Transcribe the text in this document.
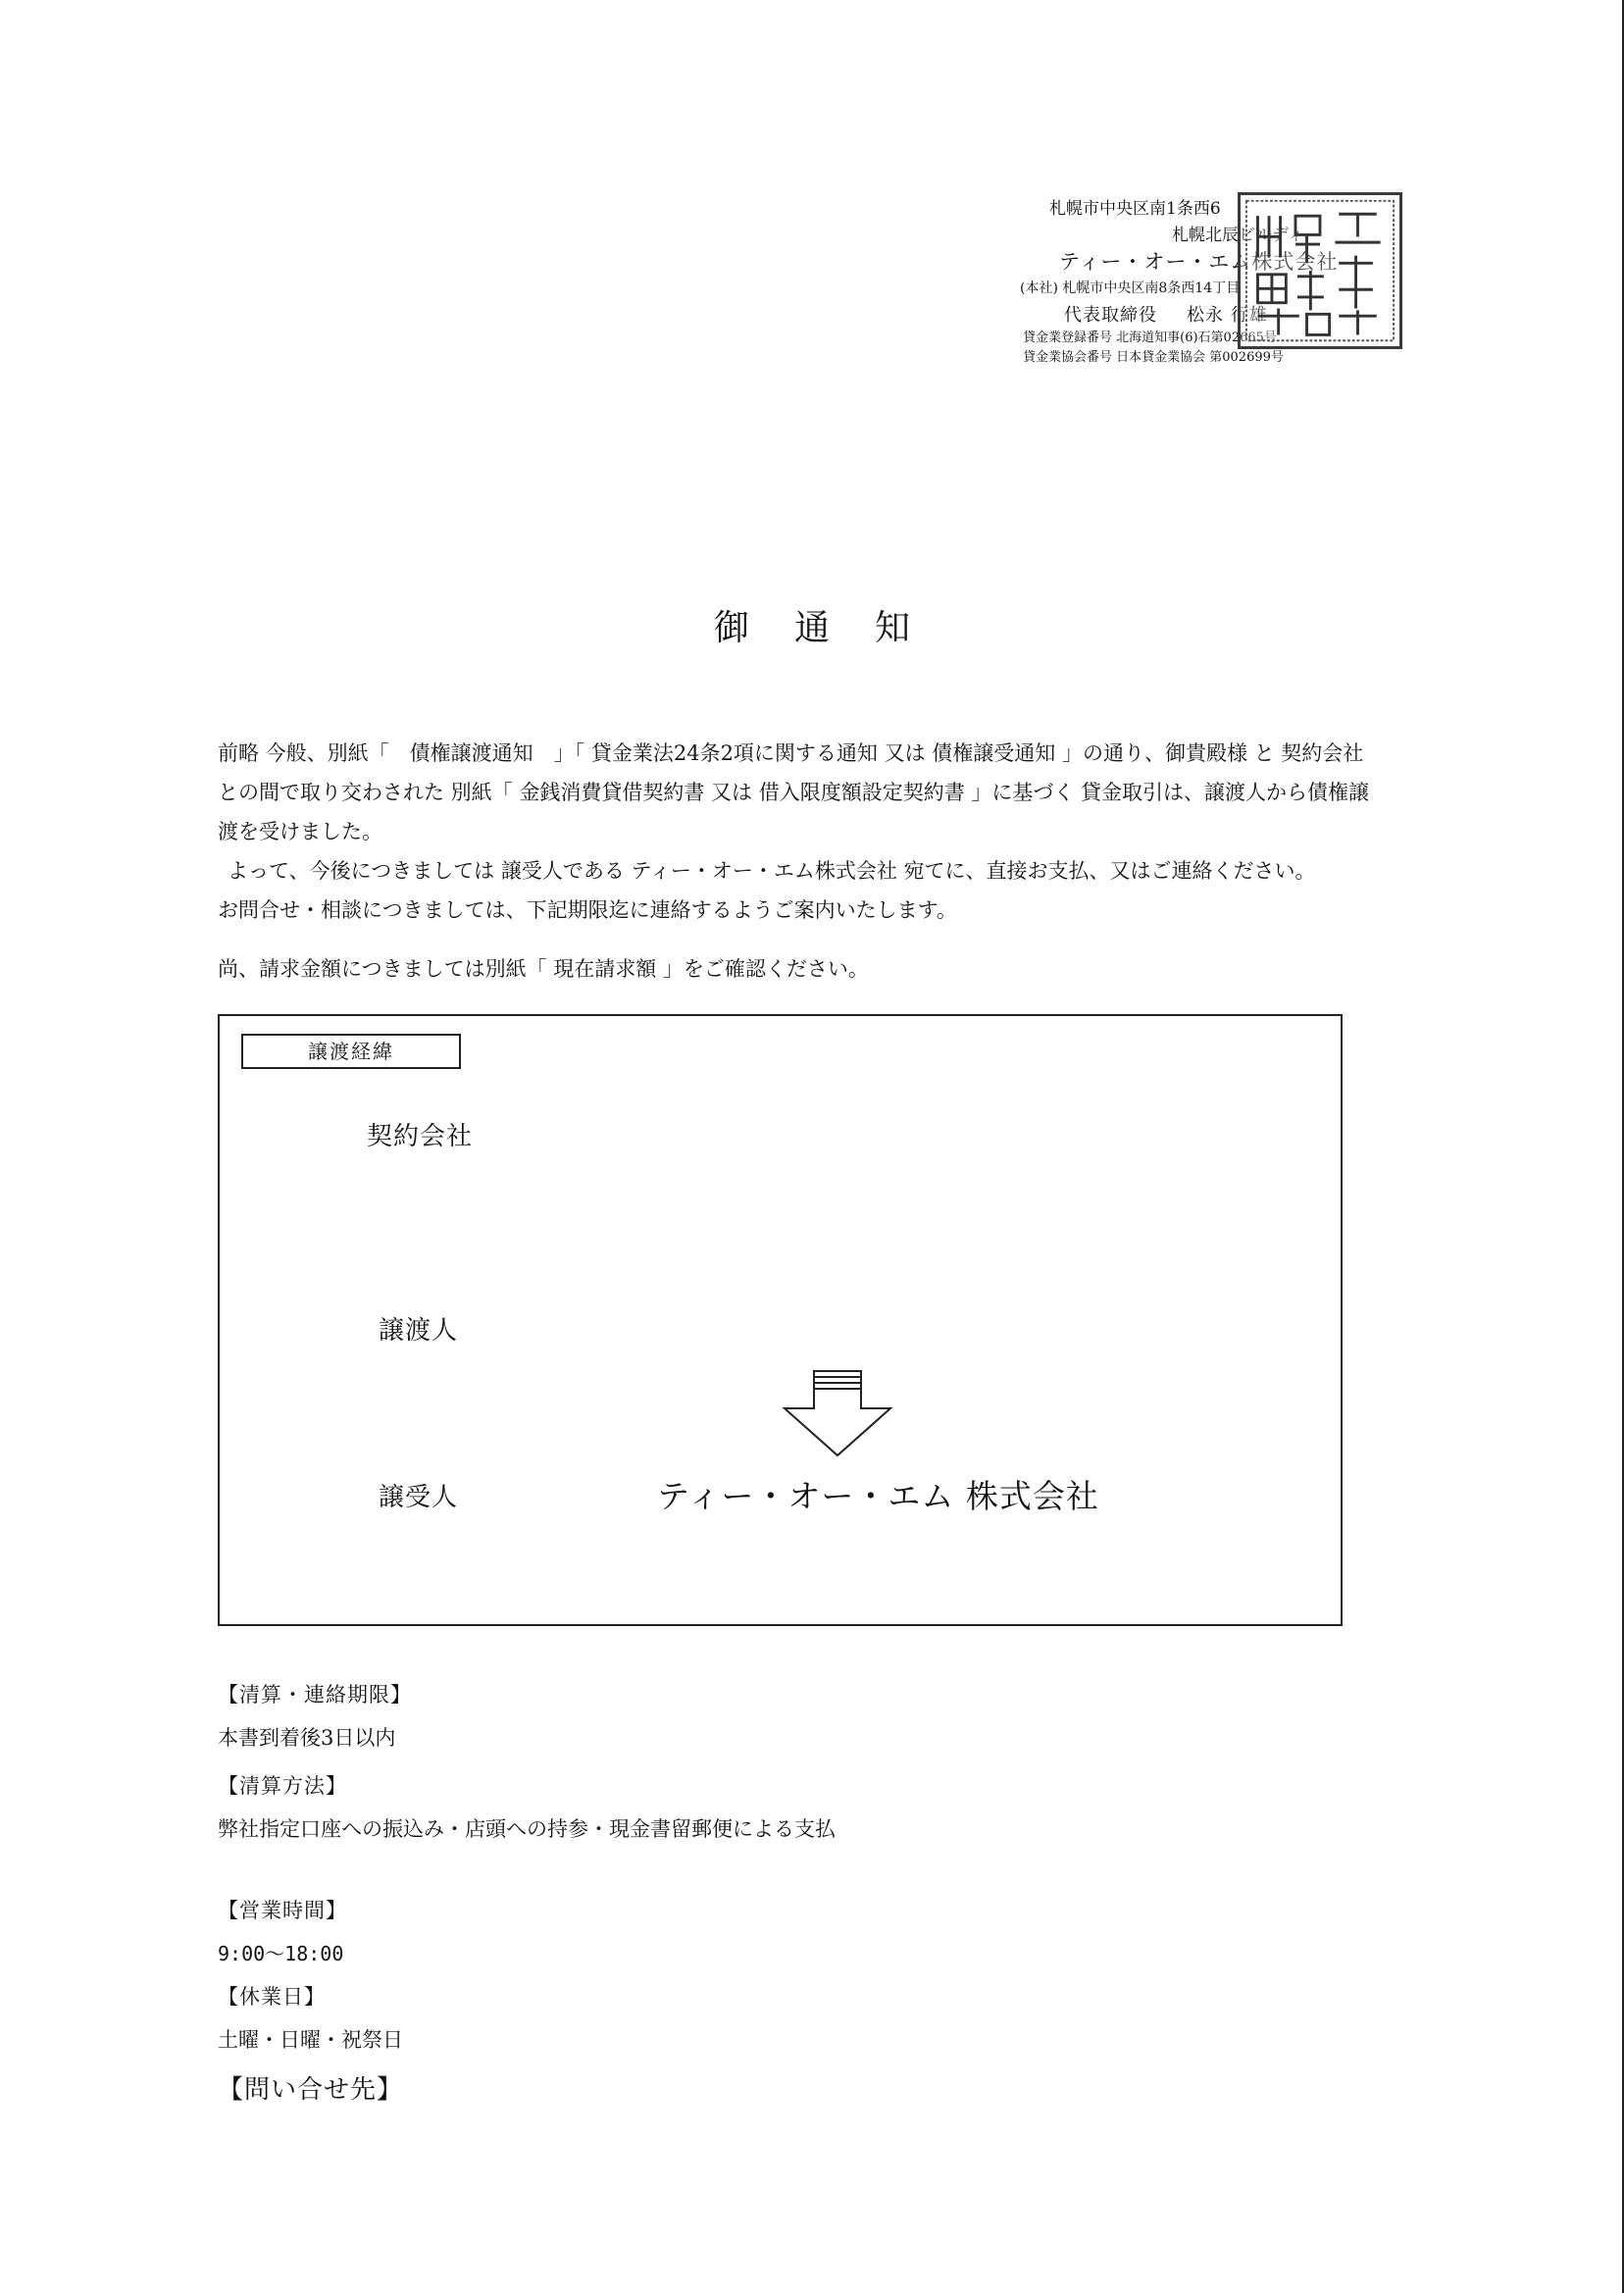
札幌市中央区南1条西6
札幌北辰ビルディ
ティー・オー・エム株式会社
(本社) 札幌市中央区南8条西14丁目
代表取締役 松永 行雄
貸金業登録番号 北海道知事(6)石第02665号
貸金業協会番号 日本貸金業協会 第002699号
御通知

前略 今般、別紙「　債権譲渡通知　」「 貸金業法24条2項に関する通知 又は 債権譲受通知 」の通り、御貴殿様 と 契約会社 との間で取り交わされた 別紙「 金銭消費貸借契約書 又は 借入限度額設定契約書 」に基づく 貸金取引は、譲渡人から債権譲渡を受けました。

よって、今後につきましては 譲受人である ティー・オー・エム株式会社 宛てに、直接お支払、又はご連絡ください。

お問合せ・相談につきましては、下記期限迄に連絡するようご案内いたします。

尚、請求金額につきましては別紙「 現在請求額 」をご確認ください。

譲渡経緯
契約会社
譲渡人
譲受人	ティー・オー・エム 株式会社
【清算・連絡期限】
本書到着後3日以内
【清算方法】
弊社指定口座への振込み・店頭への持参・現金書留郵便による支払
【営業時間】
9:00～18:00
【休業日】
土曜・日曜・祝祭日
【問い合せ先】
